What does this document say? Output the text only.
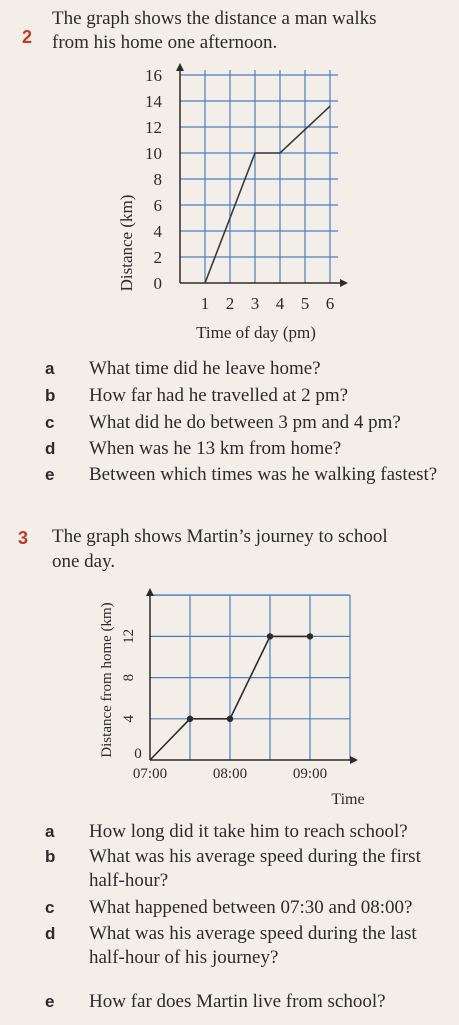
2
The graph shows the distance a man walks
from his home one afternoon.
0
2
4
6
8
10
12
14
16
1 2 3 4 5 6
Time of day (pm)
Distance (km)
a What time did he leave home?
b How far had he travelled at 2 pm?
c What did he do between 3 pm and 4 pm?
d When was he 13 km from home?
e Between which times was he walking fastest?
3 The graph shows Martin’s journey to school
one day.
0
4
8
12
07:00	08:00	09:00
Time
Distance from home (km)
a How long did it take him to reach school?
b What was his average speed during the first half-hour?
c What happened between 07:30 and 08:00?
d What was his average speed during the last half-hour of his journey?
e How far does Martin live from school?
